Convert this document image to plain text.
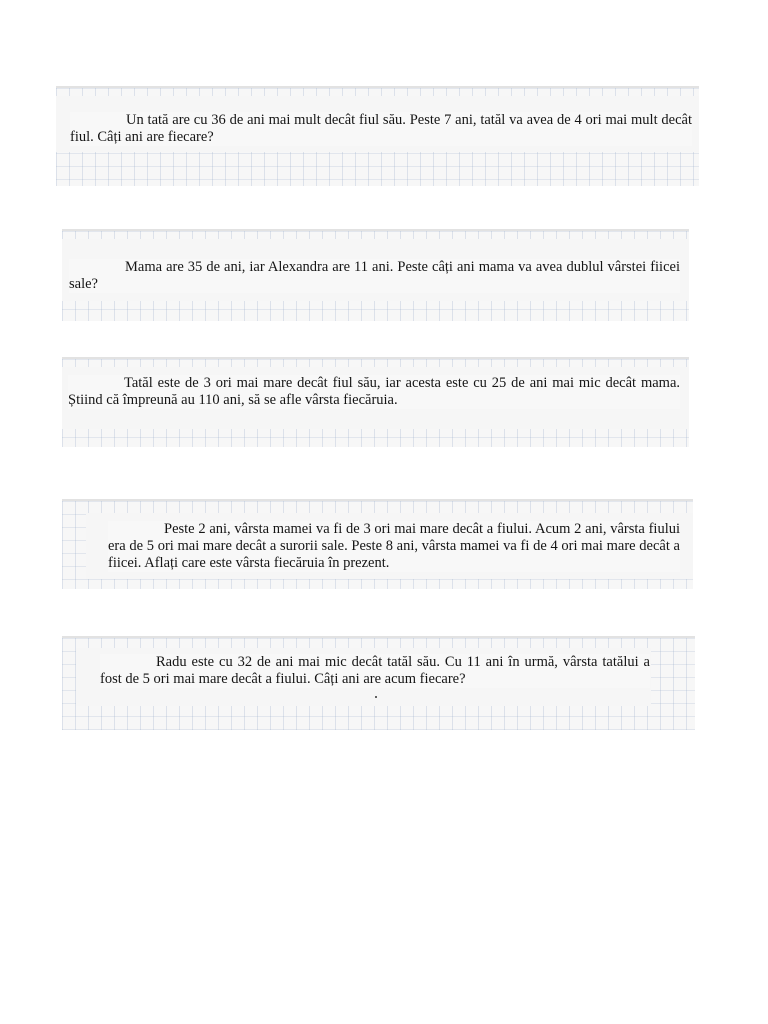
Un tată are cu 36 de ani mai mult decât fiul său. Peste 7 ani, tatăl va avea de 4 ori mai mult decât fiul. Câți ani are fiecare?

Mama are 35 de ani, iar Alexandra are 11 ani. Peste câți ani mama va avea dublul vârstei fiicei sale?

Tatăl este de 3 ori mai mare decât fiul său, iar acesta este cu 25 de ani mai mic decât mama. Știind că împreună au 110 ani, să se afle vârsta fiecăruia.

Peste 2 ani, vârsta mamei va fi de 3 ori mai mare decât a fiului. Acum 2 ani, vârsta fiului era de 5 ori mai mare decât a surorii sale. Peste 8 ani, vârsta mamei va fi de 4 ori mai mare decât a fiicei. Aflați care este vârsta fiecăruia în prezent.

Radu este cu 32 de ani mai mic decât tatăl său. Cu 11 ani în urmă, vârsta tatălui a fost de 5 ori mai mare decât a fiului. Câți ani are acum fiecare?
